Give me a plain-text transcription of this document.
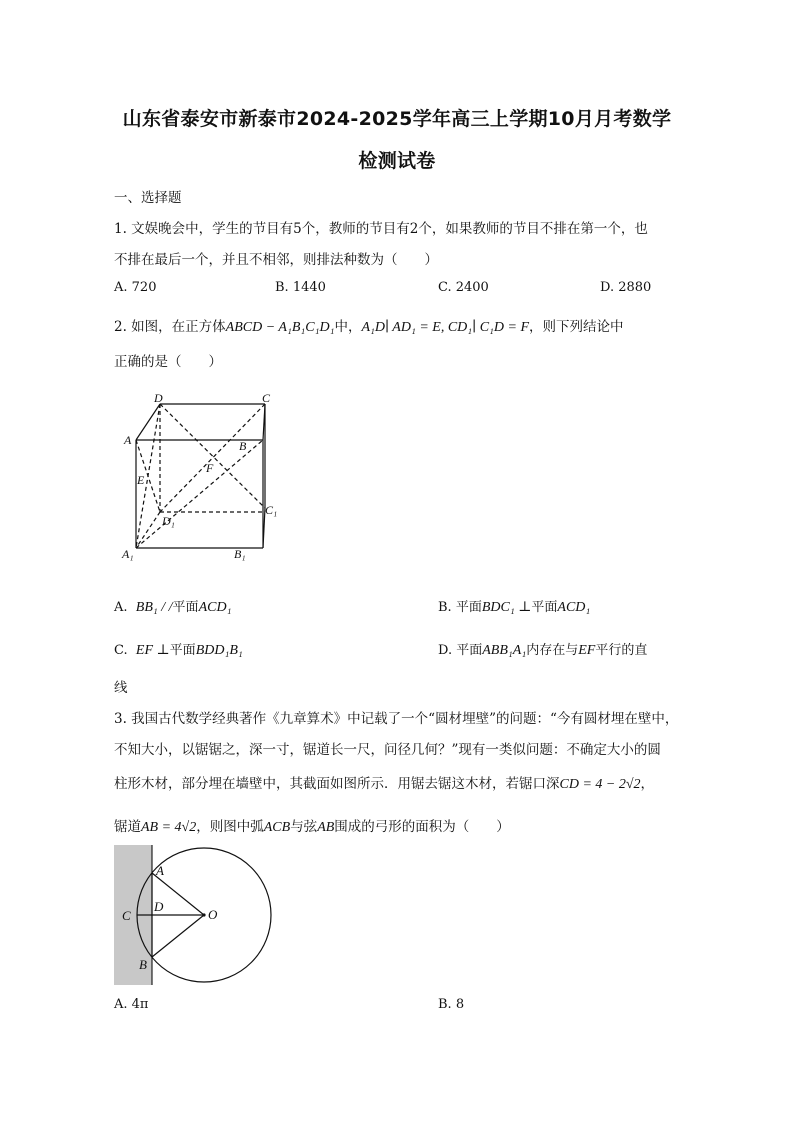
山东省泰安市新泰市2024-2025学年高三上学期10月月考数学
检测试卷
一、选择题
1. 文娱晚会中，学生的节目有5个，教师的节目有2个，如果教师的节目不排在第一个，也
不排在最后一个，并且不相邻，则排法种数为（　　）
A. 720	B. 1440	C. 2400	D. 2880
2. 如图，在正方体ABCD − A₁B₁C₁D₁中，A₁D∣ AD₁ = E, CD₁∣ C₁D = F，则下列结论中
正确的是（　　）
D	C
A	B
E
F
D₁
C₁
A₁	B₁
A. BB₁ / /平面ACD₁	B. 平面BDC₁ ⊥平面ACD₁
C. EF ⊥平面BDD₁B₁	D. 平面ABB₁A₁内存在与EF平行的直
线
3. 我国古代数学经典著作《九章算术》中记载了一个“圆材埋壁”的问题：“今有圆材埋在壁中，
不知大小，以锯锯之，深一寸，锯道长一尺，问径几何？”现有一类似问题：不确定大小的圆
柱形木材，部分埋在墙壁中，其截面如图所示．用锯去锯这木材，若锯口深CD = 4 − 2√2，
锯道AB = 4√2，则图中弧ACB与弦AB围成的弓形的面积为（　　）
A
C
D
O
B
A. 4π	B. 8
